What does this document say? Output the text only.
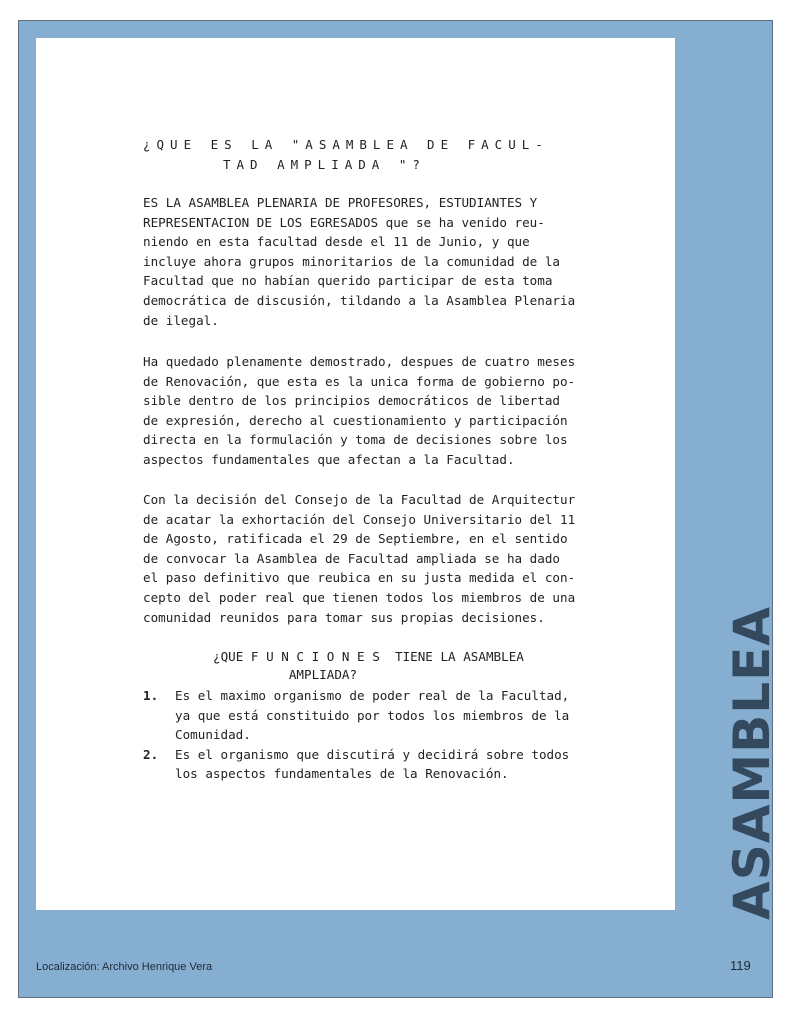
¿QUE ES LA "ASAMBLEA DE FACUL-
TAD AMPLIADA "?
ES LA ASAMBLEA PLENARIA DE PROFESORES, ESTUDIANTES Y
REPRESENTACION DE LOS EGRESADOS que se ha venido reu-
niendo en esta facultad desde el 11 de Junio, y que
incluye ahora grupos minoritarios de la comunidad de la
Facultad que no habían querido participar de esta toma
democrática de discusión, tildando a la Asamblea Plenaria
de ilegal.
Ha quedado plenamente demostrado, despues de cuatro meses
de Renovación, que esta es la unica forma de gobierno po-
sible dentro de los principios democráticos de libertad
de expresión, derecho al cuestionamiento y participación
directa en la formulación y toma de decisiones sobre los
aspectos fundamentales que afectan a la Facultad.
Con la decisión del Consejo de la Facultad de Arquitectur
de acatar la exhortación del Consejo Universitario del 11
de Agosto, ratificada el 29 de Septiembre, en el sentido
de convocar la Asamblea de Facultad ampliada se ha dado
el paso definitivo que reubica en su justa medida el con-
cepto del poder real que tienen todos los miembros de una
comunidad reunidos para tomar sus propias decisiones.
¿QUE F U N C I O N E S  TIENE LA ASAMBLEA
AMPLIADA?
1.	Es el maximo organismo de poder real de la Facultad,
ya que está constituido por todos los miembros de la
Comunidad.
2.	Es el organismo que discutirá y decidirá sobre todos
los aspectos fundamentales de la Renovación.	ASAMBLEA
Localización: Archivo Henrique Vera	119
